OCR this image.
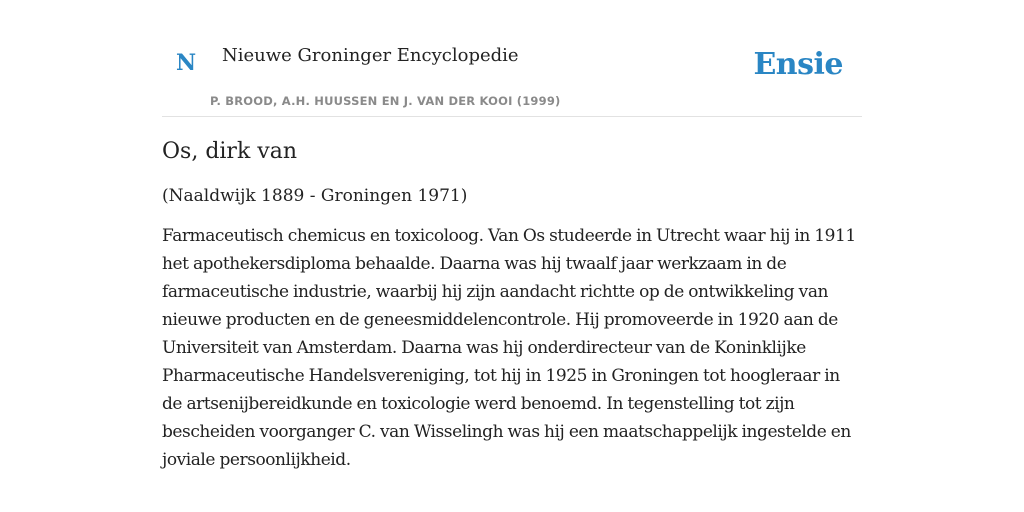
N Nieuwe Groninger Encyclopedie
P. BROOD, A.H. HUUSSEN EN J. VAN DER KOOI (1999)
Ensie
Os, dirk van

(Naaldwijk 1889 - Groningen 1971)

Farmaceutisch chemicus en toxicoloog. Van Os studeerde in Utrecht waar hij in 1911 het apothekersdiploma behaalde. Daarna was hij twaalf jaar werkzaam in de farmaceutische industrie, waarbij hij zijn aandacht richtte op de ontwikkeling van nieuwe producten en de geneesmiddelencontrole. Hij promoveerde in 1920 aan de Universiteit van Amsterdam. Daarna was hij onderdirecteur van de Koninklijke Pharmaceutische Handelsvereniging, tot hij in 1925 in Groningen tot hoogleraar in de artsenijbereidkunde en toxicologie werd benoemd. In tegenstelling tot zijn bescheiden voorganger C. van Wisselingh was hij een maatschappelijk ingestelde en joviale persoonlijkheid.
